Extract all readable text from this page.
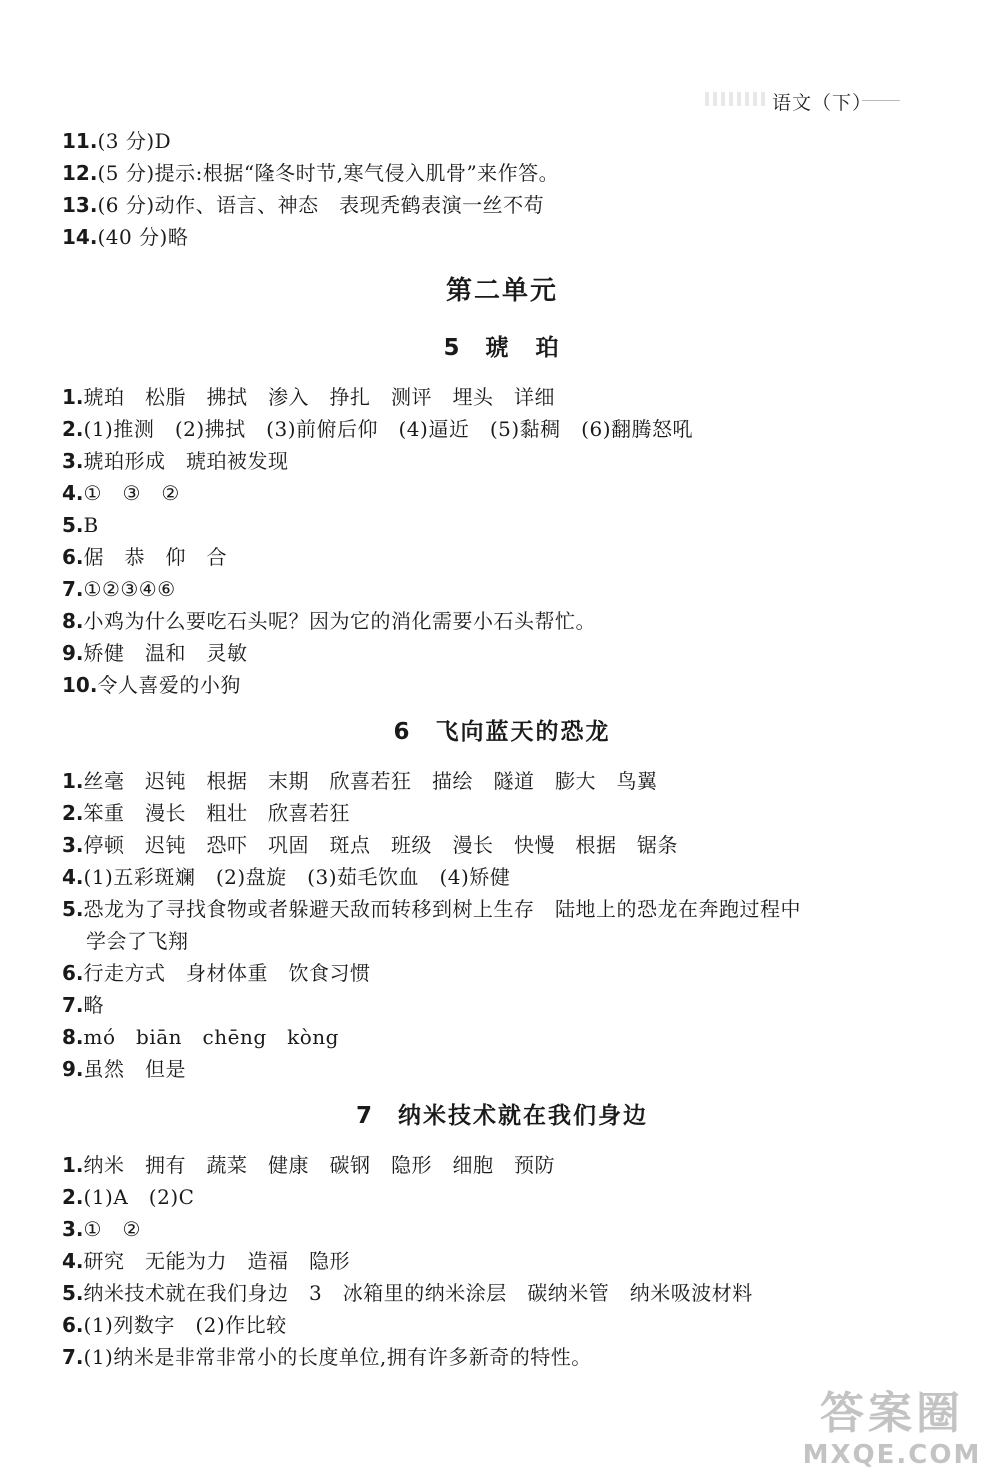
语文（下）
11.(3 分)D
12.(5 分)提示:根据“隆冬时节,寒气侵入肌骨”来作答。
13.(6 分)动作、语言、神态　表现秃鹤表演一丝不苟
14.(40 分)略
第二单元
5 琥　珀
1.琥珀　松脂　拂拭　渗入　挣扎　测评　埋头　详细
2.(1)推测　(2)拂拭　(3)前俯后仰　(4)逼近　(5)黏稠　(6)翻腾怒吼
3.琥珀形成　琥珀被发现
4.①　③　②
5.B
6.倨　恭　仰　合
7.①②③④⑥
8.小鸡为什么要吃石头呢？因为它的消化需要小石头帮忙。
9.矫健　温和　灵敏
10.令人喜爱的小狗
6 飞向蓝天的恐龙
1.丝毫　迟钝　根据　末期　欣喜若狂　描绘　隧道　膨大　鸟翼
2.笨重　漫长　粗壮　欣喜若狂
3.停顿　迟钝　恐吓　巩固　斑点　班级　漫长　快慢　根据　锯条
4.(1)五彩斑斓　(2)盘旋　(3)茹毛饮血　(4)矫健
5.恐龙为了寻找食物或者躲避天敌而转移到树上生存　陆地上的恐龙在奔跑过程中
学会了飞翔
6.行走方式　身材体重　饮食习惯
7.略
8.mó　biān　chēng　kòng
9.虽然　但是
7 纳米技术就在我们身边
1.纳米　拥有　蔬菜　健康　碳钢　隐形　细胞　预防
2.(1)A　(2)C
3.①　②
4.研究　无能为力　造福　隐形
5.纳米技术就在我们身边　3　冰箱里的纳米涂层　碳纳米管　纳米吸波材料
6.(1)列数字　(2)作比较
7.(1)纳米是非常非常小的长度单位,拥有许多新奇的特性。
答案圈
MXQE.COM
